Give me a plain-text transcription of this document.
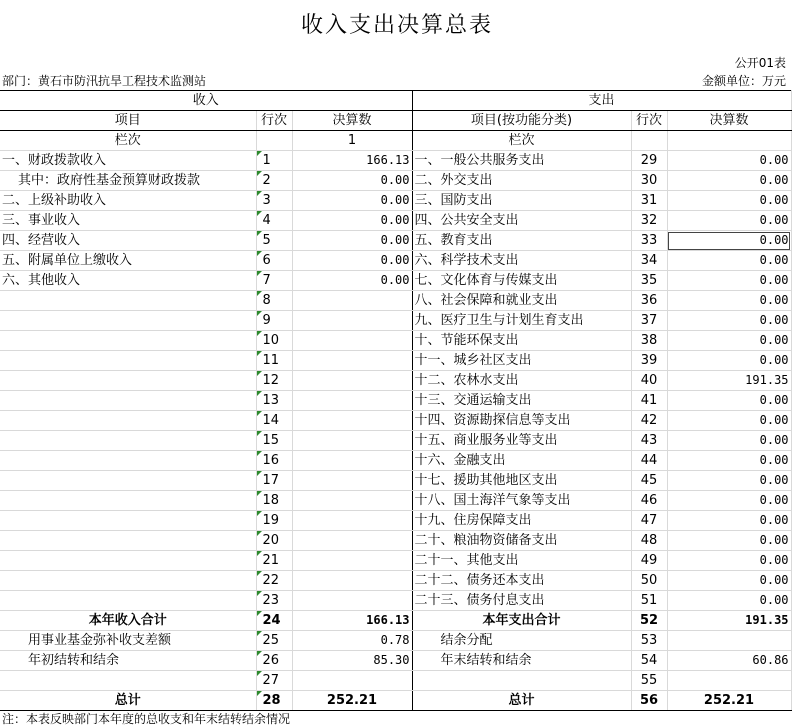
收入支出决算总表
公开01表
部门：黄石市防汛抗旱工程技术监测站	金额单位：万元
收入			支出		
项目	行次	决算数	项目(按功能分类)	行次	决算数
栏次		1	栏次		
一、财政拨款收入	1	166.13	一、一般公共服务支出	29	0.00
其中：政府性基金预算财政拨款	2	0.00	二、外交支出	30	0.00
二、上级补助收入	3	0.00	三、国防支出	31	0.00
三、事业收入	4	0.00	四、公共安全支出	32	0.00
四、经营收入	5	0.00	五、教育支出	33	0.00
五、附属单位上缴收入	6	0.00	六、科学技术支出	34	0.00
六、其他收入	7	0.00	七、文化体育与传媒支出	35	0.00
	8		八、社会保障和就业支出	36	0.00
	9		九、医疗卫生与计划生育支出	37	0.00
	10		十、节能环保支出	38	0.00
	11		十一、城乡社区支出	39	0.00
	12		十二、农林水支出	40	191.35
	13		十三、交通运输支出	41	0.00
	14		十四、资源勘探信息等支出	42	0.00
	15		十五、商业服务业等支出	43	0.00
	16		十六、金融支出	44	0.00
	17		十七、援助其他地区支出	45	0.00
	18		十八、国土海洋气象等支出	46	0.00
	19		十九、住房保障支出	47	0.00
	20		二十、粮油物资储备支出	48	0.00
	21		二十一、其他支出	49	0.00
	22		二十二、债务还本支出	50	0.00
	23		二十三、债务付息支出	51	0.00
本年收入合计	24	166.13	本年支出合计	52	191.35
用事业基金弥补收支差额	25	0.78	结余分配	53	
年初结转和结余	26	85.30	年末结转和结余	54	60.86
	27			55	
总计	28	252.21	总计	56	252.21
注：本表反映部门本年度的总收支和年末结转结余情况
